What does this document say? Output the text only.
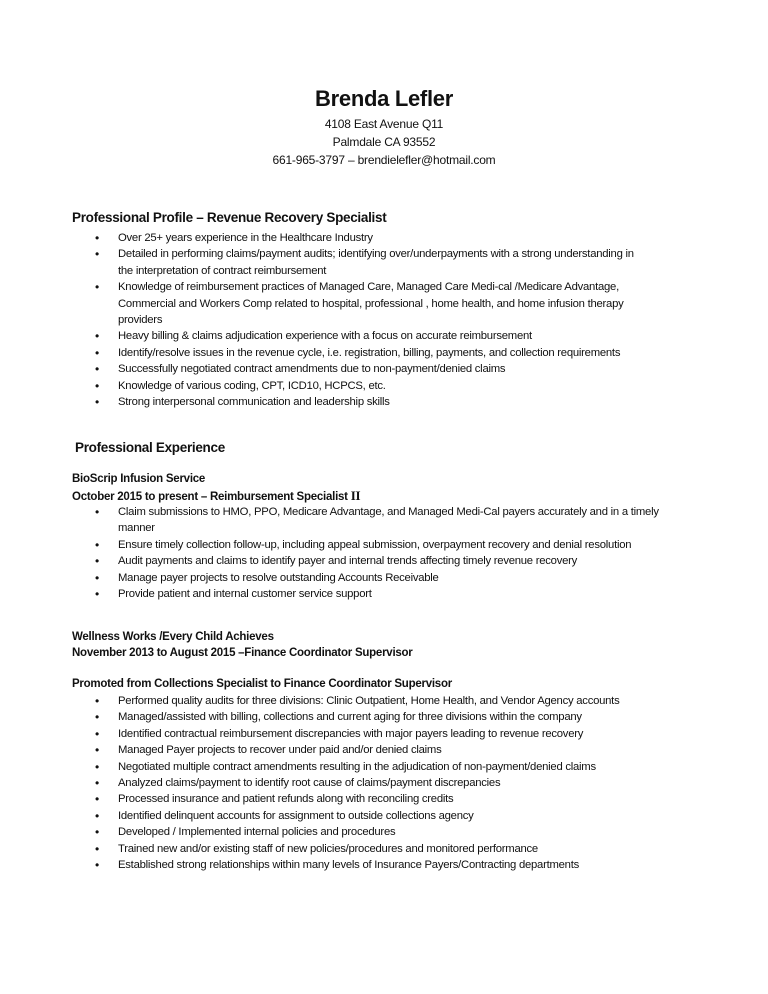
Brenda Lefler
4108 East Avenue Q11
Palmdale CA 93552
661-965-3797 – brendielefler@hotmail.com
Professional Profile – Revenue Recovery Specialist
• Over 25+ years experience in the Healthcare Industry
• Detailed in performing claims/payment audits; identifying over/underpayments with a strong understanding in
the interpretation of contract reimbursement
• Knowledge of reimbursement practices of Managed Care, Managed Care Medi-cal /Medicare Advantage,
Commercial and Workers Comp related to hospital, professional , home health, and home infusion therapy
providers
• Heavy billing & claims adjudication experience with a focus on accurate reimbursement
• Identify/resolve issues in the revenue cycle, i.e. registration, billing, payments, and collection requirements
• Successfully negotiated contract amendments due to non-payment/denied claims
• Knowledge of various coding, CPT, ICD10, HCPCS, etc.
• Strong interpersonal communication and leadership skills
Professional Experience
BioScrip Infusion Service
October 2015 to present – Reimbursement Specialist II
• Claim submissions to HMO, PPO, Medicare Advantage, and Managed Medi-Cal payers accurately and in a timely
manner
• Ensure timely collection follow-up, including appeal submission, overpayment recovery and denial resolution
• Audit payments and claims to identify payer and internal trends affecting timely revenue recovery
• Manage payer projects to resolve outstanding Accounts Receivable
• Provide patient and internal customer service support
Wellness Works /Every Child Achieves
November 2013 to August 2015 –Finance Coordinator Supervisor
Promoted from Collections Specialist to Finance Coordinator Supervisor
• Performed quality audits for three divisions: Clinic Outpatient, Home Health, and Vendor Agency accounts
• Managed/assisted with billing, collections and current aging for three divisions within the company
• Identified contractual reimbursement discrepancies with major payers leading to revenue recovery
• Managed Payer projects to recover under paid and/or denied claims
• Negotiated multiple contract amendments resulting in the adjudication of non-payment/denied claims
• Analyzed claims/payment to identify root cause of claims/payment discrepancies
• Processed insurance and patient refunds along with reconciling credits
• Identified delinquent accounts for assignment to outside collections agency
• Developed / Implemented internal policies and procedures
• Trained new and/or existing staff of new policies/procedures and monitored performance
• Established strong relationships within many levels of Insurance Payers/Contracting departments
